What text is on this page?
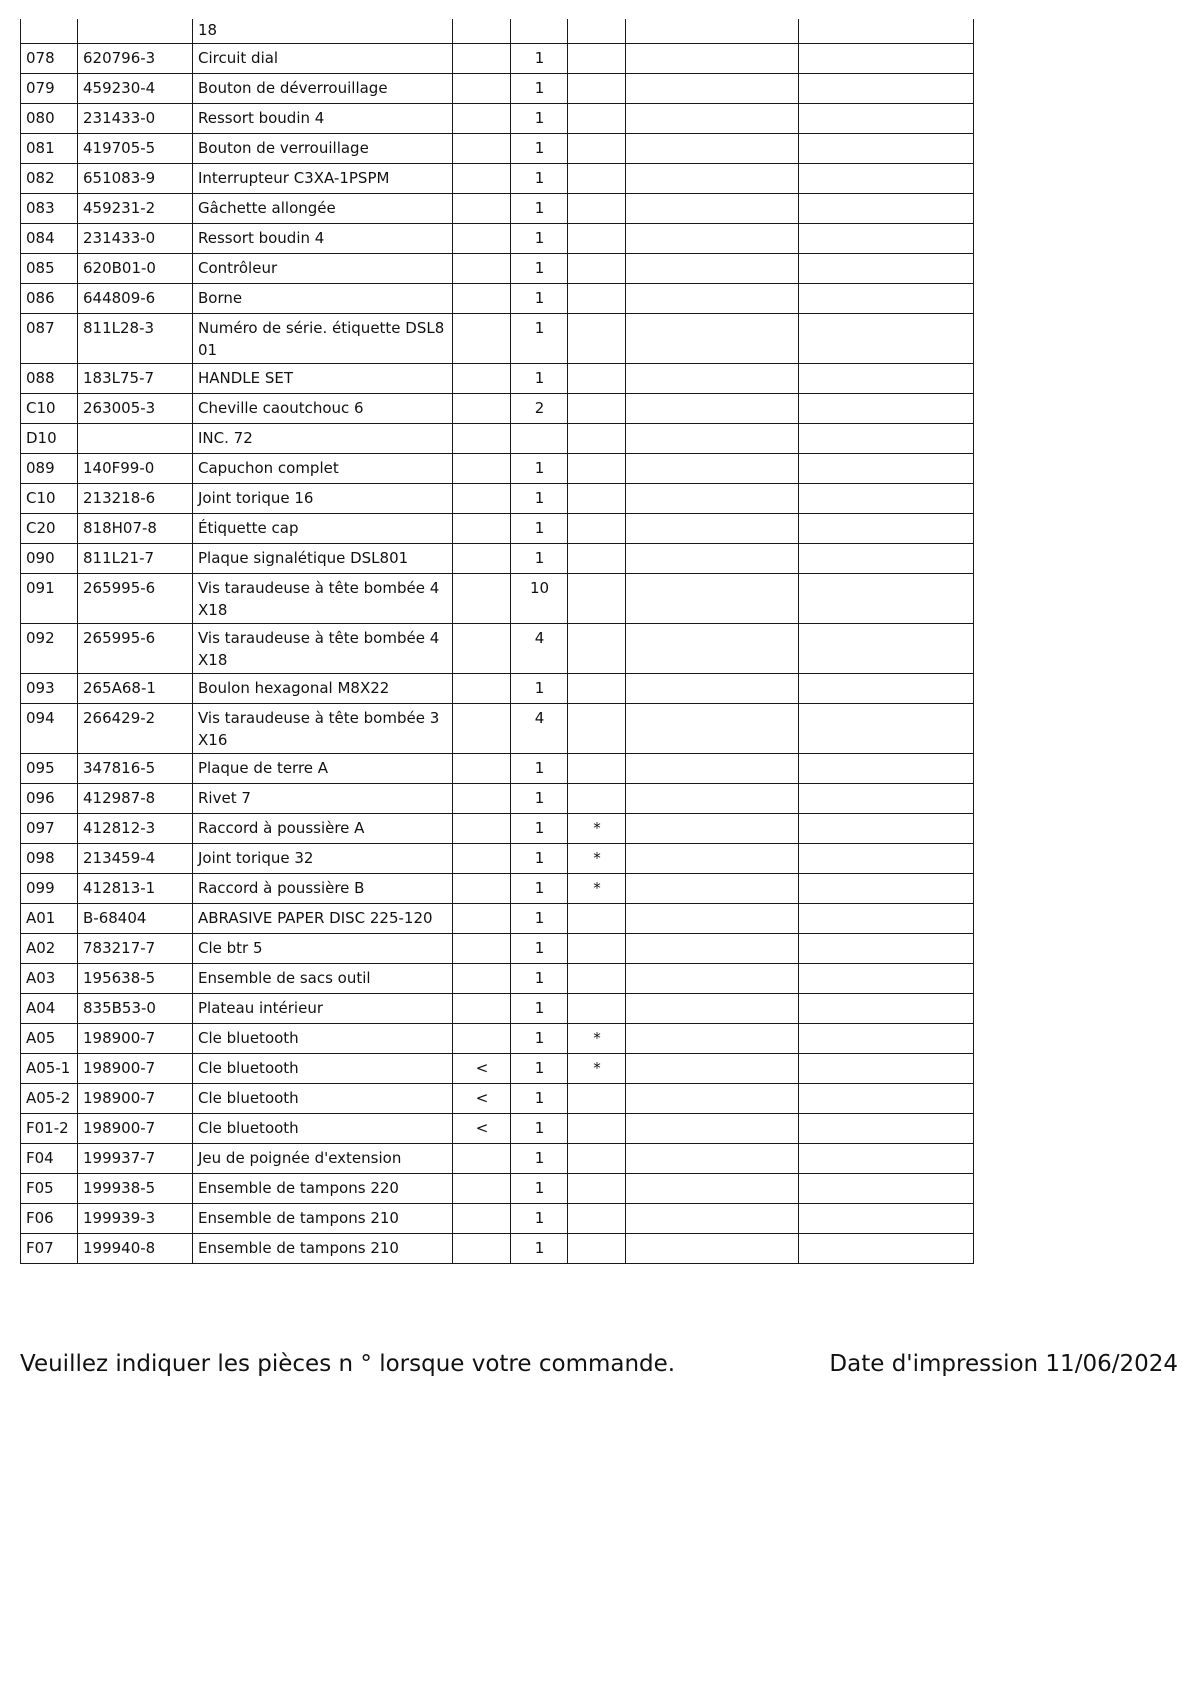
		18					
078	620796-3	Circuit dial		1			
079	459230-4	Bouton de déverrouillage		1			
080	231433-0	Ressort boudin 4		1			
081	419705-5	Bouton de verrouillage		1			
082	651083-9	Interrupteur C3XA-1PSPM		1			
083	459231-2	Gâchette allongée		1			
084	231433-0	Ressort boudin 4		1			
085	620B01-0	Contrôleur		1			
086	644809-6	Borne		1			
087	811L28-3	Numéro de série. étiquette DSL801		1			
088	183L75-7	HANDLE SET		1			
C10	263005-3	Cheville caoutchouc 6		2			
D10		INC. 72					
089	140F99-0	Capuchon complet		1			
C10	213218-6	Joint torique 16		1			
C20	818H07-8	Étiquette cap		1			
090	811L21-7	Plaque signalétique DSL801		1			
091	265995-6	Vis taraudeuse à tête bombée 4X18		10			
092	265995-6	Vis taraudeuse à tête bombée 4X18		4			
093	265A68-1	Boulon hexagonal M8X22		1			
094	266429-2	Vis taraudeuse à tête bombée 3X16		4			
095	347816-5	Plaque de terre A		1			
096	412987-8	Rivet 7		1			
097	412812-3	Raccord à poussière A		1	*		
098	213459-4	Joint torique 32		1	*		
099	412813-1	Raccord à poussière B		1	*		
A01	B-68404	ABRASIVE PAPER DISC 225-120		1			
A02	783217-7	Cle btr 5		1			
A03	195638-5	Ensemble de sacs outil		1			
A04	835B53-0	Plateau intérieur		1			
A05	198900-7	Cle bluetooth		1	*		
A05-1	198900-7	Cle bluetooth	<	1	*		
A05-2	198900-7	Cle bluetooth	<	1			
F01-2	198900-7	Cle bluetooth	<	1			
F04	199937-7	Jeu de poignée d'extension		1			
F05	199938-5	Ensemble de tampons 220		1			
F06	199939-3	Ensemble de tampons 210		1			
F07	199940-8	Ensemble de tampons 210		1			
Veuillez indiquer les pièces n ° lorsque votre commande.	Date d'impression 11/06/2024
